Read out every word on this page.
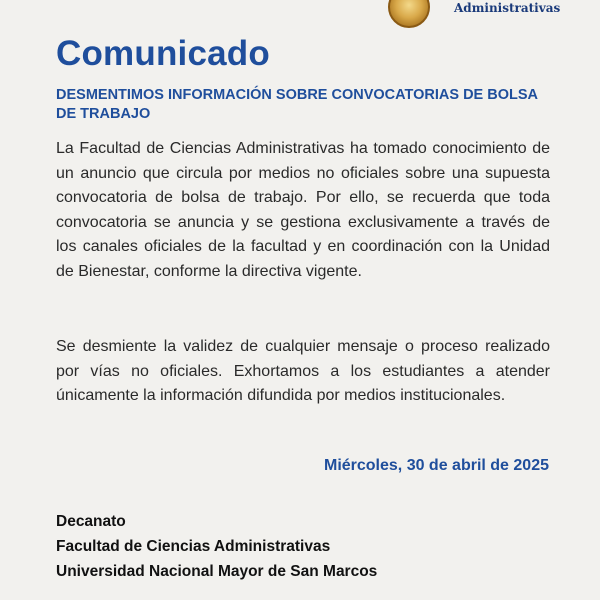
Administrativas
Comunicado
DESMENTIMOS INFORMACIÓN SOBRE CONVOCATORIAS DE BOLSA DE TRABAJO

La Facultad de Ciencias Administrativas ha tomado conocimiento de un anuncio que circula por medios no oficiales sobre una supuesta convocatoria de bolsa de trabajo. Por ello, se recuerda que toda convocatoria se anuncia y se gestiona exclusivamente a través de los canales oficiales de la facultad y en coordinación con la Unidad de Bienestar, conforme la directiva vigente.

Se desmiente la validez de cualquier mensaje o proceso realizado por vías no oficiales. Exhortamos a los estudiantes a atender únicamente la información difundida por medios institucionales.

Miércoles, 30 de abril de 2025

Decanato
Facultad de Ciencias Administrativas
Universidad Nacional Mayor de San Marcos
